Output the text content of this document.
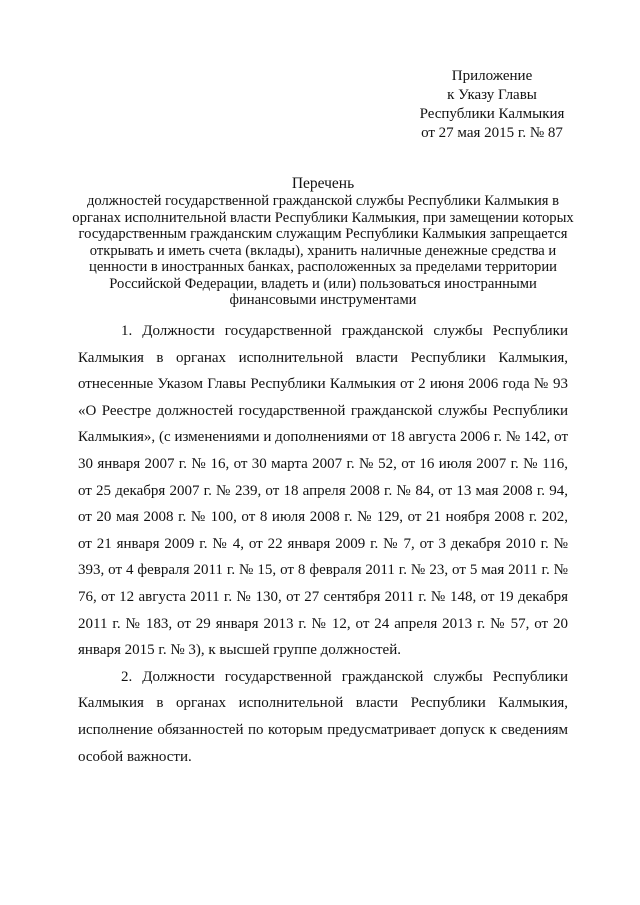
Приложение
к Указу Главы
Республики Калмыкия
от 27 мая 2015 г. № 87
Перечень
должностей государственной гражданской службы Республики Калмыкия в органах исполнительной власти Республики Калмыкия, при замещении которых государственным гражданским служащим Республики Калмыкия запрещается открывать и иметь счета (вклады), хранить наличные денежные средства и ценности в иностранных банках, расположенных за пределами территории Российской Федерации, владеть и (или) пользоваться иностранными финансовыми инструментами

1. Должности государственной гражданской службы Республики Калмыкия в органах исполнительной власти Республики Калмыкия, отнесенные Указом Главы Республики Калмыкия от 2 июня 2006 года № 93 «О Реестре должностей государственной гражданской службы Республики Калмыкия», (с изменениями и дополнениями от 18 августа 2006 г. № 142, от 30 января 2007 г. № 16, от 30 марта 2007 г. № 52, от 16 июля 2007 г. № 116, от 25 декабря 2007 г. № 239, от 18 апреля 2008 г. № 84, от 13 мая 2008 г. 94, от 20 мая 2008 г. № 100, от 8 июля 2008 г. № 129, от 21 ноября 2008 г. 202, от 21 января 2009 г. № 4, от 22 января 2009 г. № 7, от 3 декабря 2010 г. № 393, от 4 февраля 2011 г. № 15, от 8 февраля 2011 г. № 23, от 5 мая 2011 г. № 76, от 12 августа 2011 г. № 130, от 27 сентября 2011 г. № 148, от 19 декабря 2011 г. № 183, от 29 января 2013 г. № 12, от 24 апреля 2013 г. № 57, от 20 января 2015 г. № 3), к высшей группе должностей.

2. Должности государственной гражданской службы Республики Калмыкия в органах исполнительной власти Республики Калмыкия, исполнение обязанностей по которым предусматривает допуск к сведениям особой важности.
